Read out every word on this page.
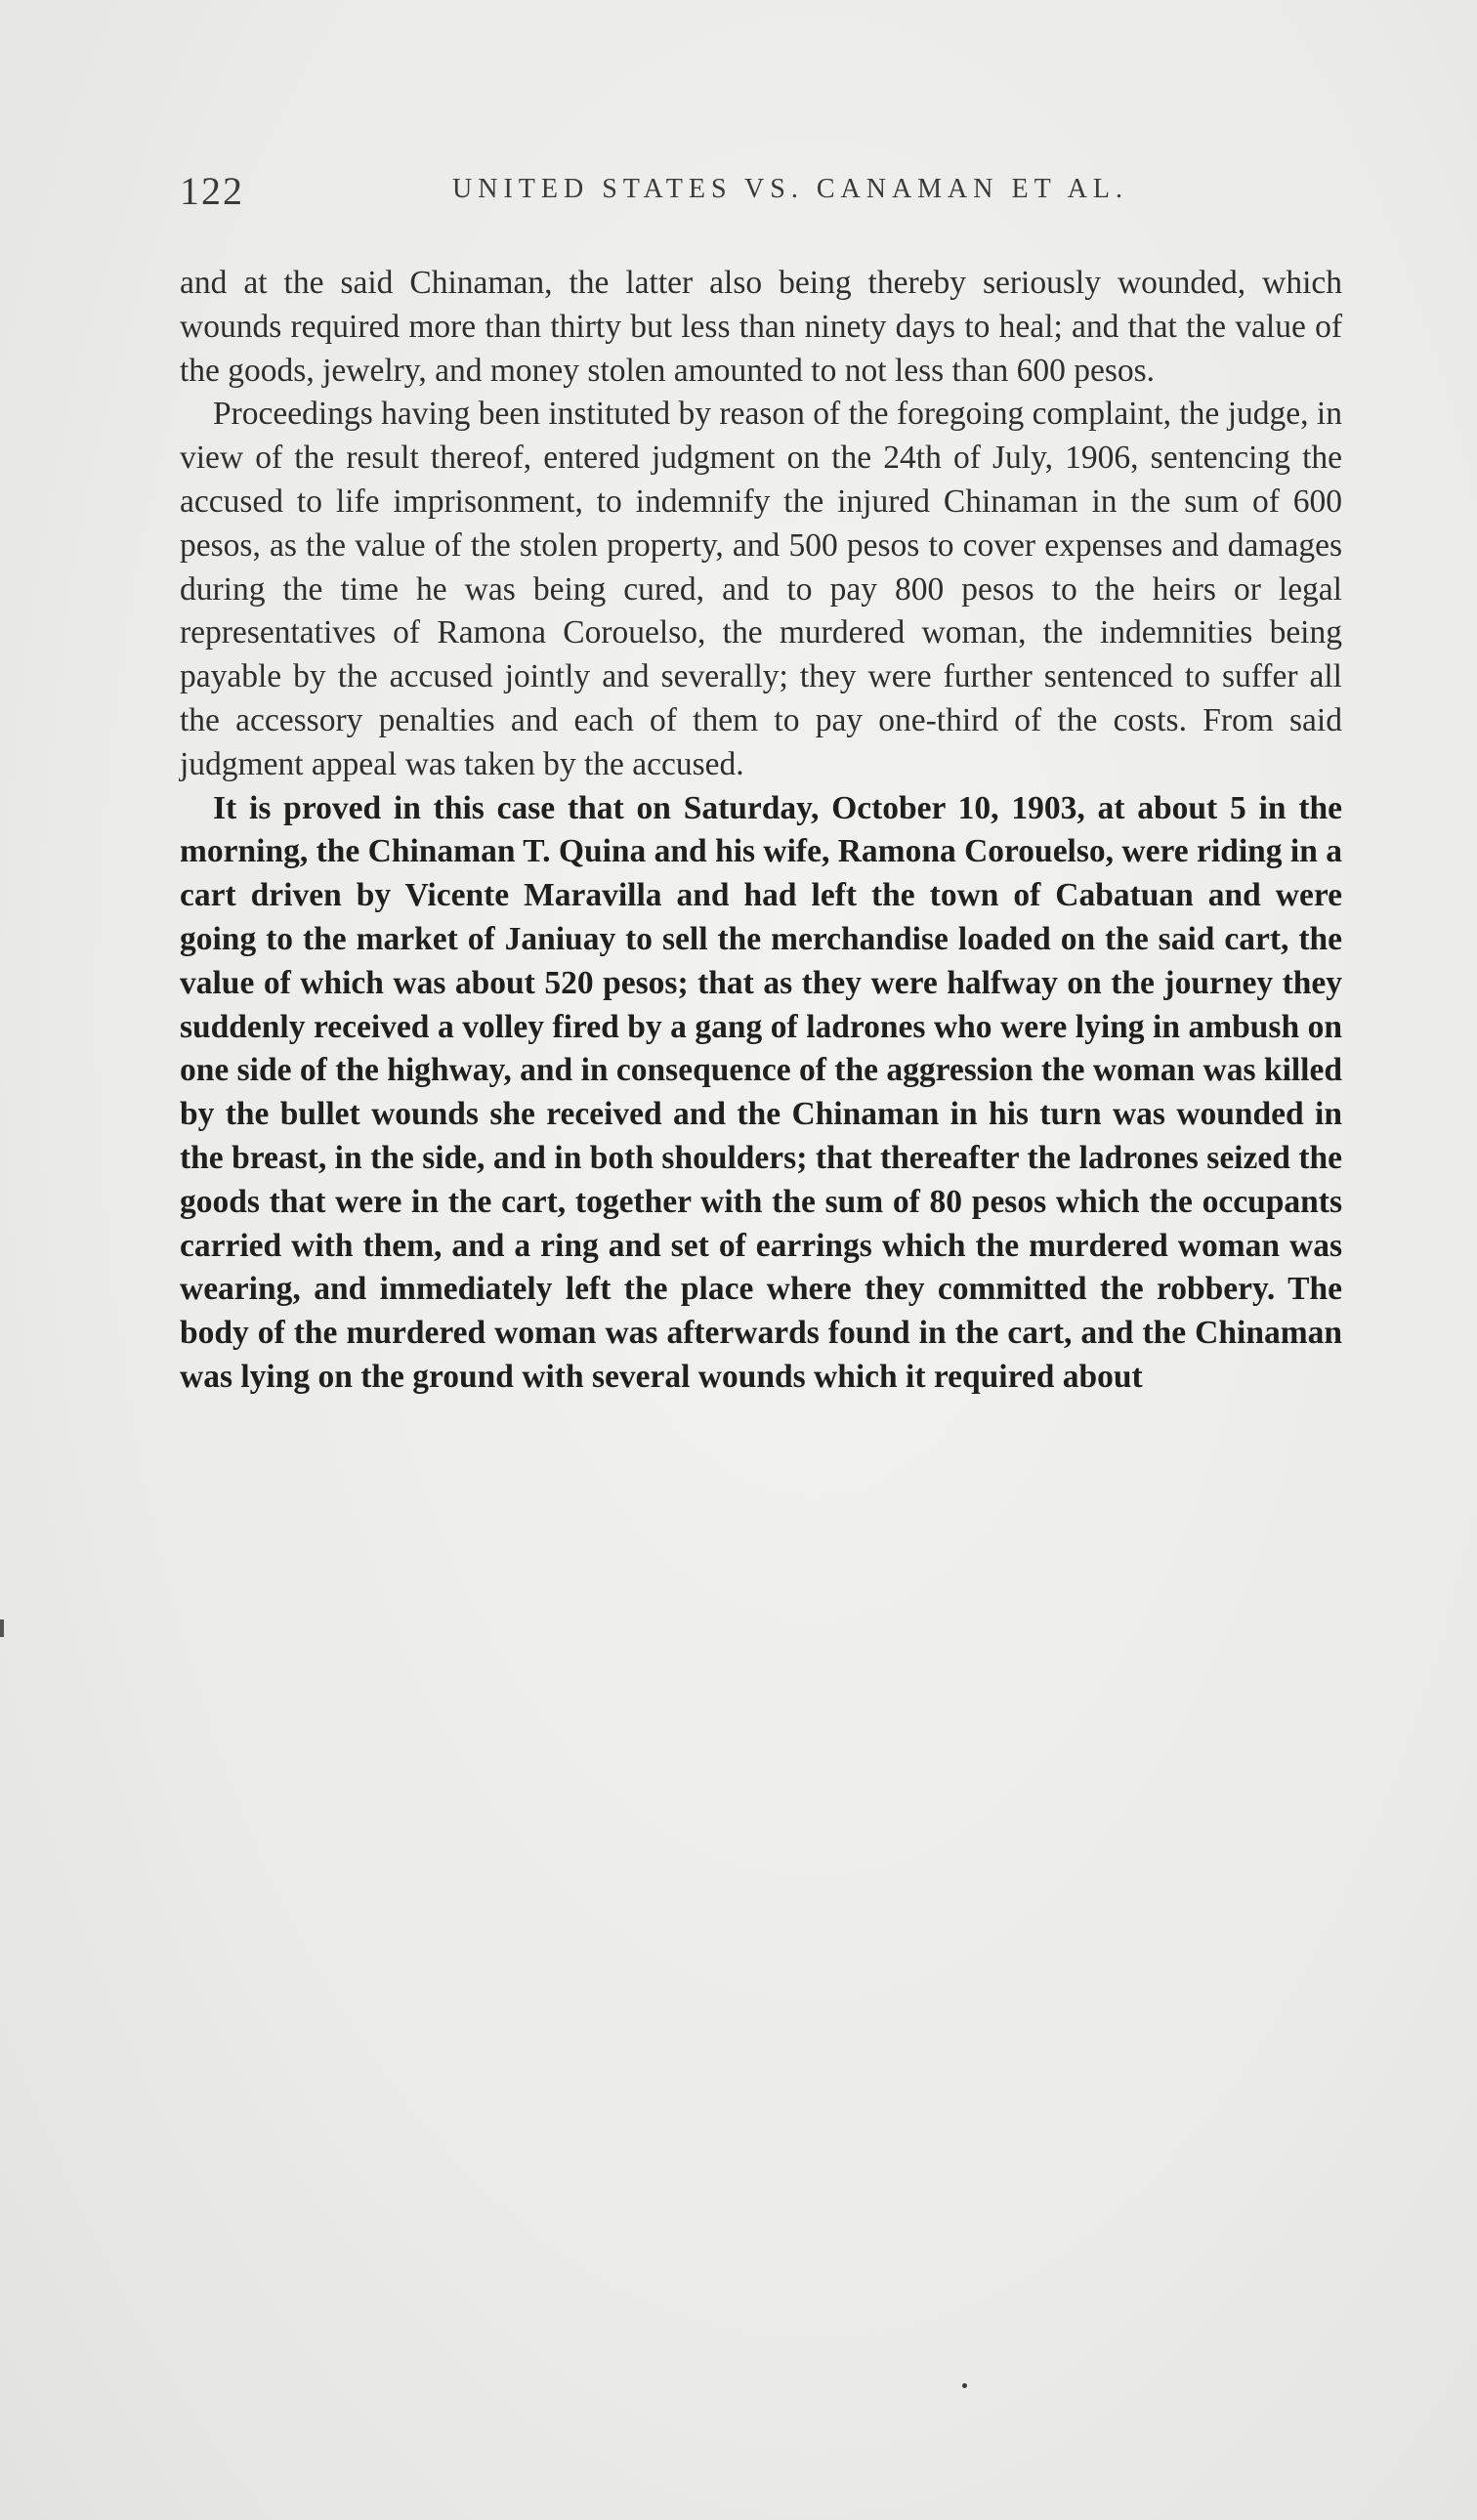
122	UNITED STATES VS. CANAMAN ET AL.

and at the said Chinaman, the latter also being thereby seriously wounded, which wounds required more than thirty but less than ninety days to heal; and that the value of the goods, jewelry, and money stolen amounted to not less than 600 pesos.

Proceedings having been instituted by reason of the foregoing complaint, the judge, in view of the result thereof, entered judgment on the 24th of July, 1906, sentencing the accused to life imprisonment, to indemnify the injured Chinaman in the sum of 600 pesos, as the value of the stolen property, and 500 pesos to cover expenses and damages during the time he was being cured, and to pay 800 pesos to the heirs or legal representatives of Ramona Corouelso, the murdered woman, the indemnities being payable by the accused jointly and severally; they were further sentenced to suffer all the accessory penalties and each of them to pay one-third of the costs. From said judgment appeal was taken by the accused.

It is proved in this case that on Saturday, October 10, 1903, at about 5 in the morning, the Chinaman T. Quina and his wife, Ramona Corouelso, were riding in a cart driven by Vicente Maravilla and had left the town of Cabatuan and were going to the market of Janiuay to sell the merchandise loaded on the said cart, the value of which was about 520 pesos; that as they were halfway on the journey they suddenly received a volley fired by a gang of ladrones who were lying in ambush on one side of the highway, and in consequence of the aggression the woman was killed by the bullet wounds she received and the Chinaman in his turn was wounded in the breast, in the side, and in both shoulders; that thereafter the ladrones seized the goods that were in the cart, together with the sum of 80 pesos which the occupants carried with them, and a ring and set of earrings which the murdered woman was wearing, and immediately left the place where they committed the robbery. The body of the murdered woman was afterwards found in the cart, and the Chinaman was lying on the ground with several wounds which it required about
